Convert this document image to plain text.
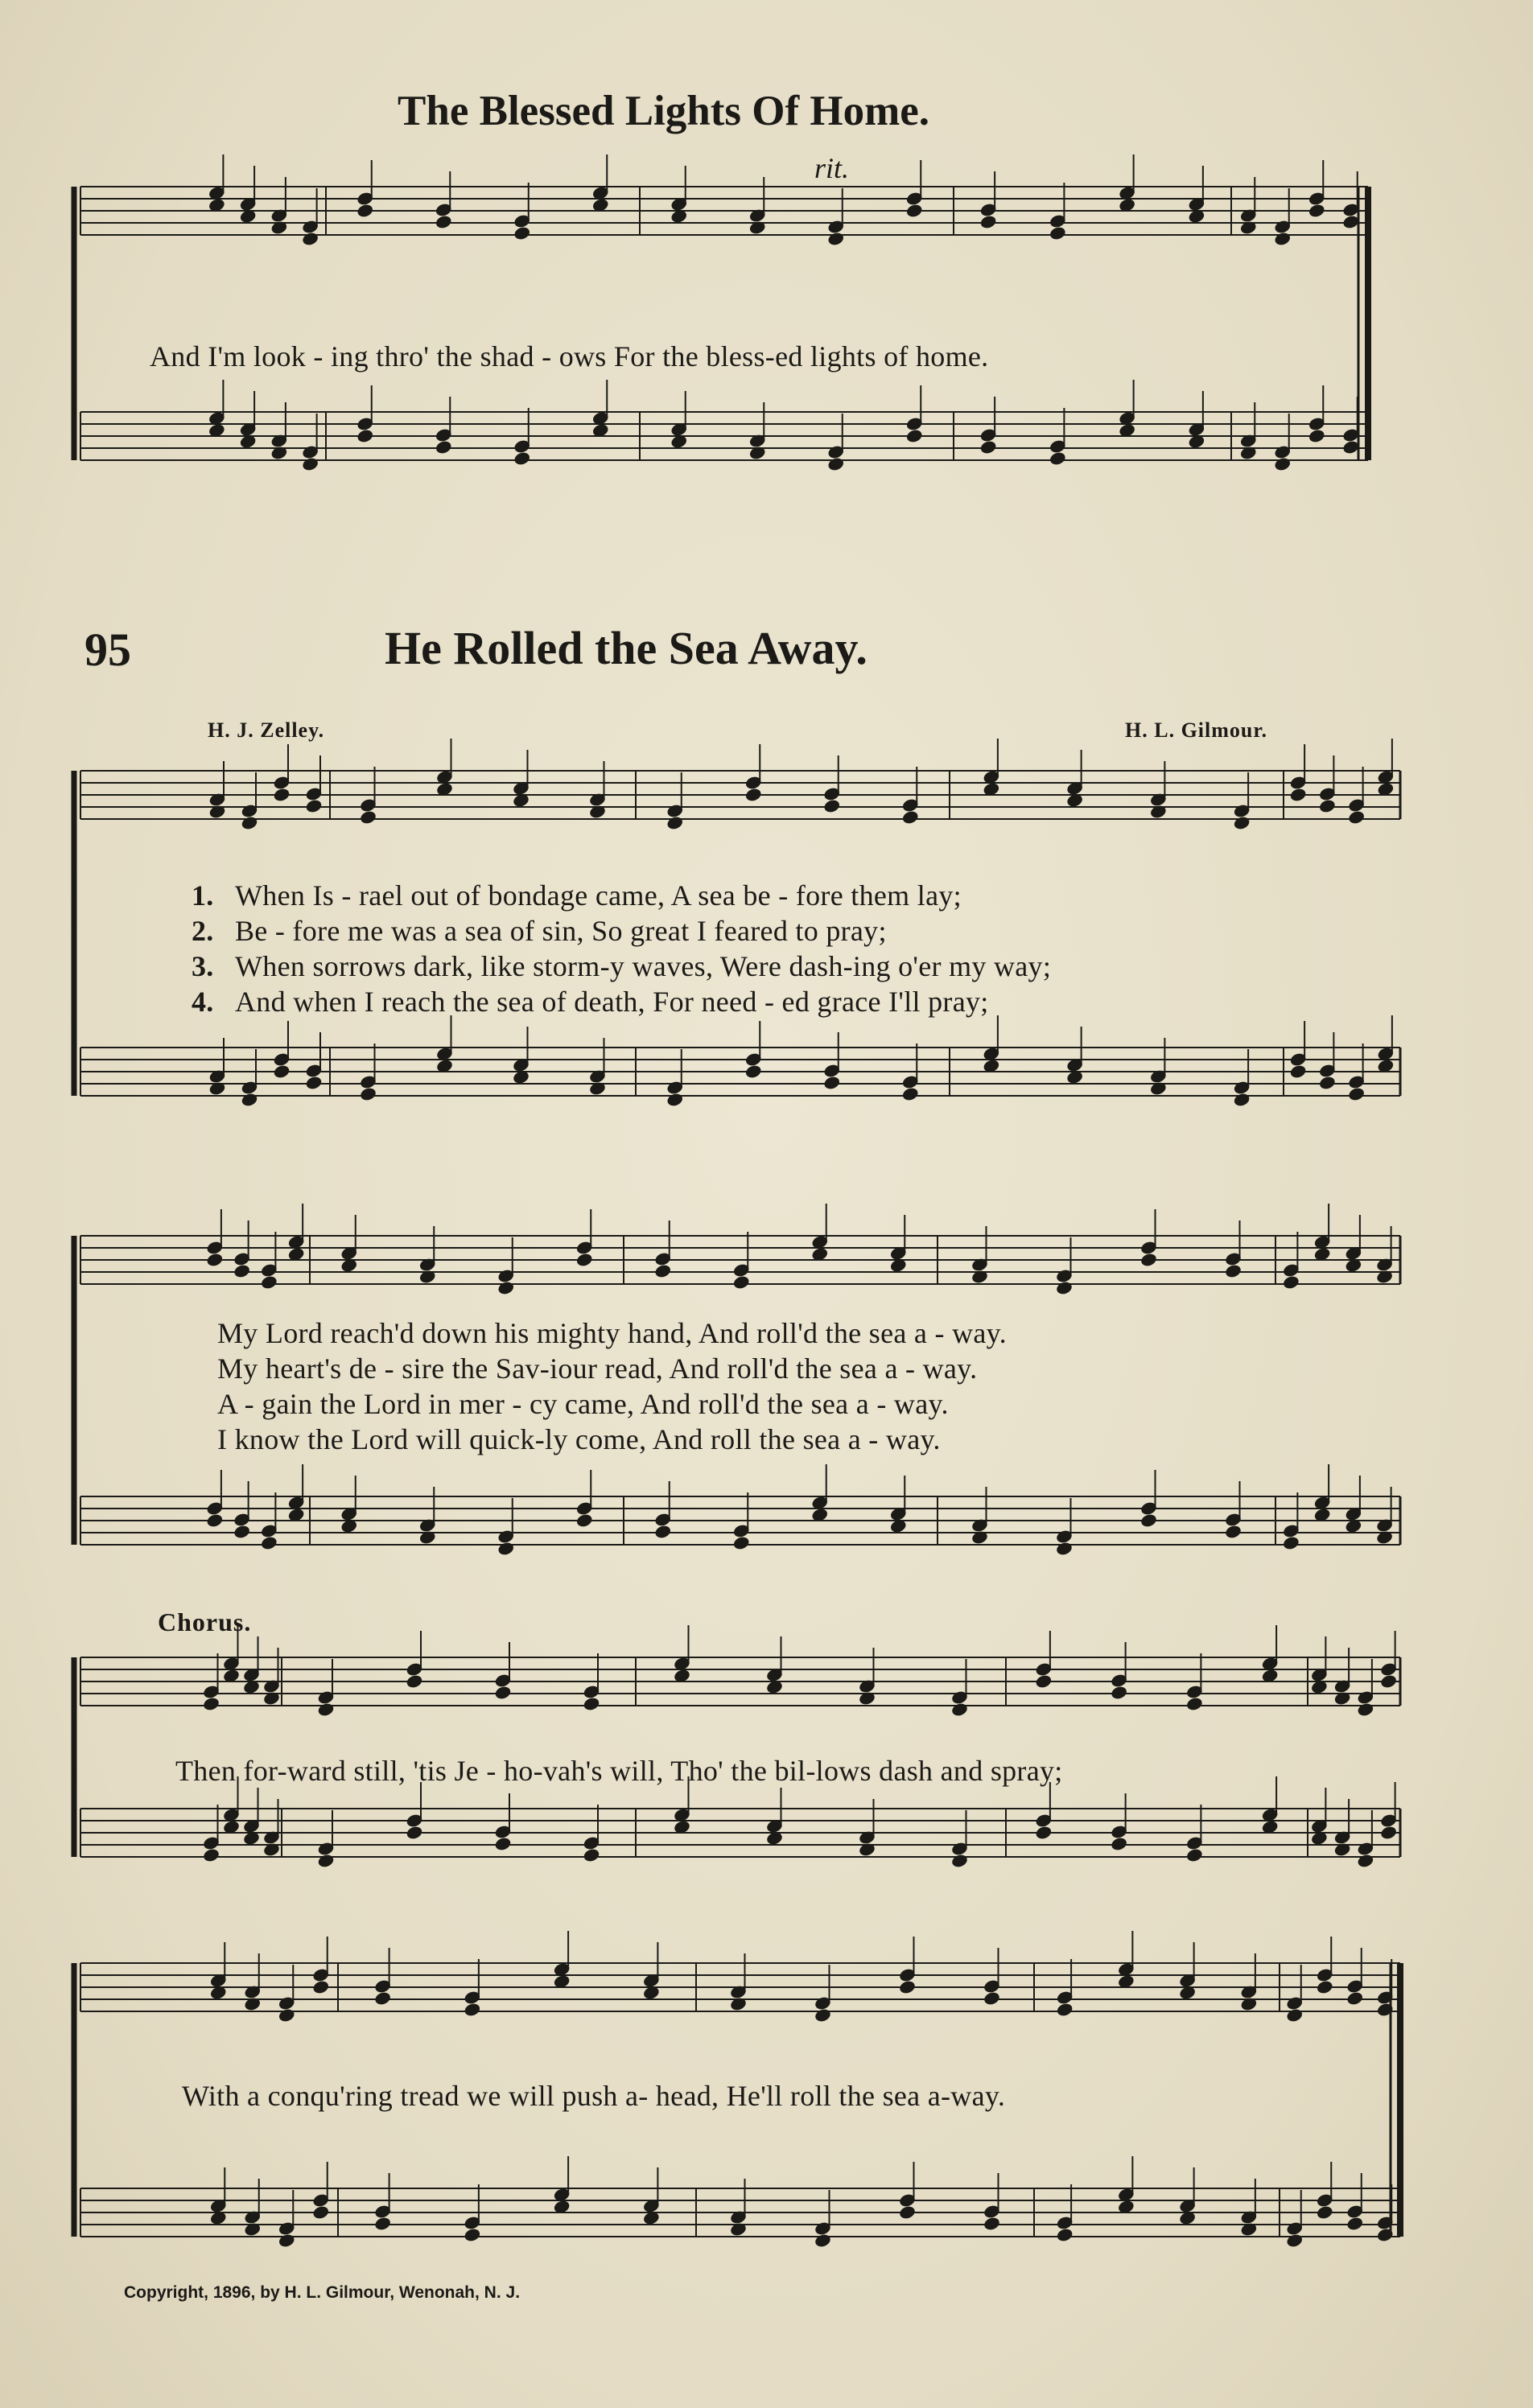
The Blessed Lights Of Home.
rit.
And I'm look - ing thro' the shad - ows For the bless-ed lights of home.
95	He Rolled the Sea Away.
H. J. Zelley.	H. L. Gilmour.
1. When Is - rael out of bondage came, A sea be - fore them lay;
2. Be - fore me was a sea of sin, So great I feared to pray;
3. When sorrows dark, like storm-y waves, Were dash-ing o'er my way;
4. And when I reach the sea of death, For need - ed grace I'll pray;
My Lord reach'd down his mighty hand, And roll'd the sea a - way.
My heart's de - sire the Sav-iour read, And roll'd the sea a - way.
A - gain the Lord in mer - cy came, And roll'd the sea a - way.
I know the Lord will quick-ly come, And roll the sea a - way.
Chorus.
Then for-ward still, 'tis Je - ho-vah's will, Tho' the bil-lows dash and spray;
With a conqu'ring tread we will push a- head, He'll roll the sea a-way.
Copyright, 1896, by H. L. Gilmour, Wenonah, N. J.
